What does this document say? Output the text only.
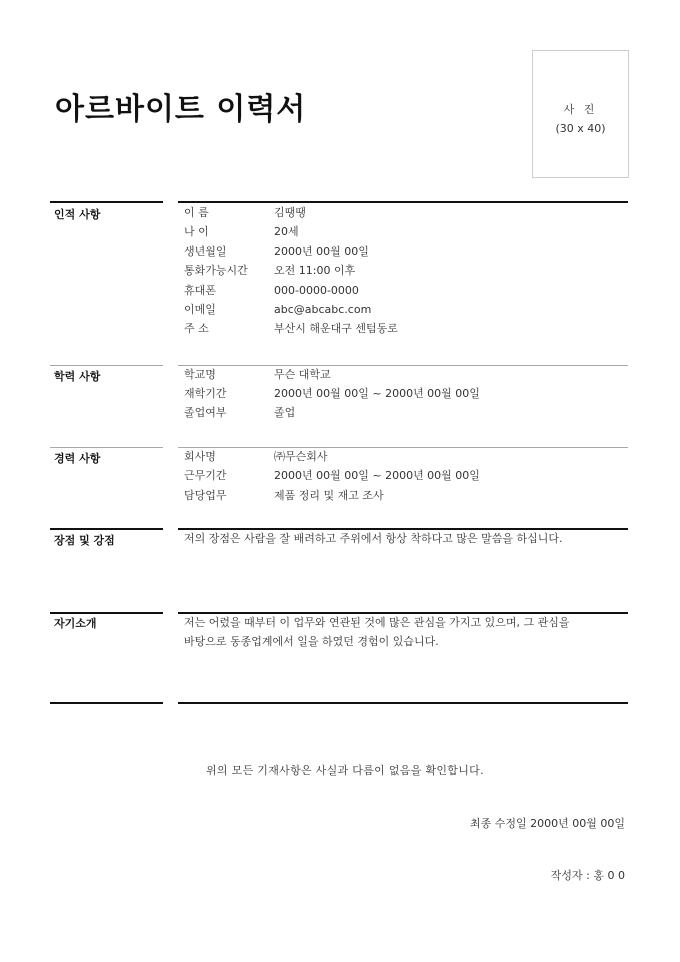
아르바이트 이력서	사 진
(30 x 40)
인적 사항	이 름	김땡땡
나 이	20세
생년월일	2000년 00월 00일
통화가능시간 오전 11:00 이후
휴대폰	000-0000-0000
이메일	abc@abcabc.com
주 소	부산시 해운대구 센텀동로
학력 사항	학교명	무슨 대학교
재학기간	2000년 00월 00일 ~ 2000년 00월 00일
졸업여부	졸업
경력 사항	회사명	㈜무슨회사
근무기간	2000년 00월 00일 ~ 2000년 00월 00일
담당업무	제품 정리 및 재고 조사
장점 및 강점	저의 장점은 사람을 잘 배려하고 주위에서 항상 착하다고 많은 말씀을 하십니다.
자기소개	저는 어렸을 때부터 이 업무와 연관된 것에 많은 관심을 가지고 있으며, 그 관심을
바탕으로 동종업계에서 일을 하였던 경험이 있습니다.
위의 모든 기재사항은 사실과 다름이 없음을 확인합니다.
최종 수정일 2000년 00월 00일
작성자 : 홍 0 0
